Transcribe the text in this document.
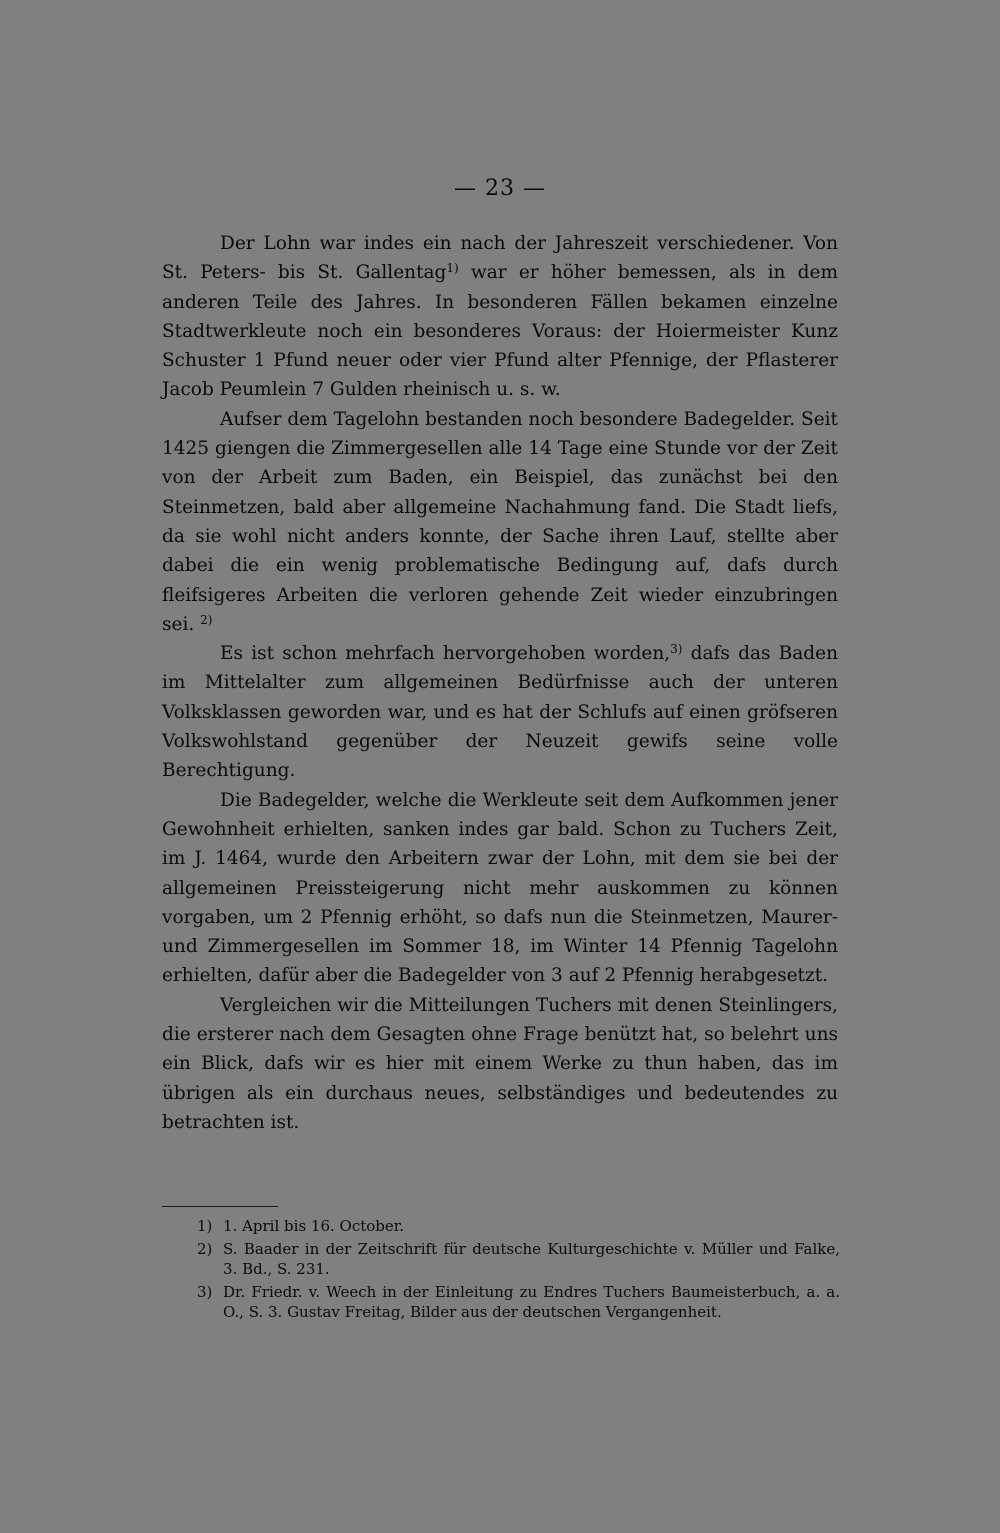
— 23 —

Der Lohn war indes ein nach der Jahreszeit verschiedener. Von St. Peters- bis St. Gallentag$^{1)}$ war er höher bemessen, als in dem anderen Teile des Jahres. In besonderen Fällen bekamen einzelne Stadtwerkleute noch ein besonderes Voraus: der Hoiermeister Kunz Schuster 1 Pfund neuer oder vier Pfund alter Pfennige, der Pflasterer Jacob Peumlein 7 Gulden rheinisch u. s. w.

Aufser dem Tagelohn bestanden noch besondere Badegelder. Seit 1425 giengen die Zimmergesellen alle 14 Tage eine Stunde vor der Zeit von der Arbeit zum Baden, ein Beispiel, das zunächst bei den Steinmetzen, bald aber allgemeine Nachahmung fand. Die Stadt liefs, da sie wohl nicht anders konnte, der Sache ihren Lauf, stellte aber dabei die ein wenig problematische Bedingung auf, dafs durch fleifsigeres Arbeiten die verloren gehende Zeit wieder einzubringen sei. $^{2)}$

Es ist schon mehrfach hervorgehoben worden,$^{3)}$ dafs das Baden im Mittelalter zum allgemeinen Bedürfnisse auch der unteren Volksklassen geworden war, und es hat der Schlufs auf einen gröfseren Volkswohlstand gegenüber der Neuzeit gewifs seine volle Berechtigung.

Die Badegelder, welche die Werkleute seit dem Aufkommen jener Gewohnheit erhielten, sanken indes gar bald. Schon zu Tuchers Zeit, im J. 1464, wurde den Arbeitern zwar der Lohn, mit dem sie bei der allgemeinen Preissteigerung nicht mehr auskommen zu können vorgaben, um 2 Pfennig erhöht, so dafs nun die Steinmetzen, Maurer- und Zimmergesellen im Sommer 18, im Winter 14 Pfennig Tagelohn erhielten, dafür aber die Badegelder von 3 auf 2 Pfennig herabgesetzt.

Vergleichen wir die Mitteilungen Tuchers mit denen Steinlingers, die ersterer nach dem Gesagten ohne Frage benützt hat, so belehrt uns ein Blick, dafs wir es hier mit einem Werke zu thun haben, das im übrigen als ein durchaus neues, selbständiges und bedeutendes zu betrachten ist.

1) 1. April bis 16. October.
2) S. Baader in der Zeitschrift für deutsche Kulturgeschichte v. Müller und Falke, 3. Bd., S. 231.
3) Dr. Friedr. v. Weech in der Einleitung zu Endres Tuchers Baumeisterbuch, a. a. O., S. 3. Gustav Freitag, Bilder aus der deutschen Vergangenheit.
